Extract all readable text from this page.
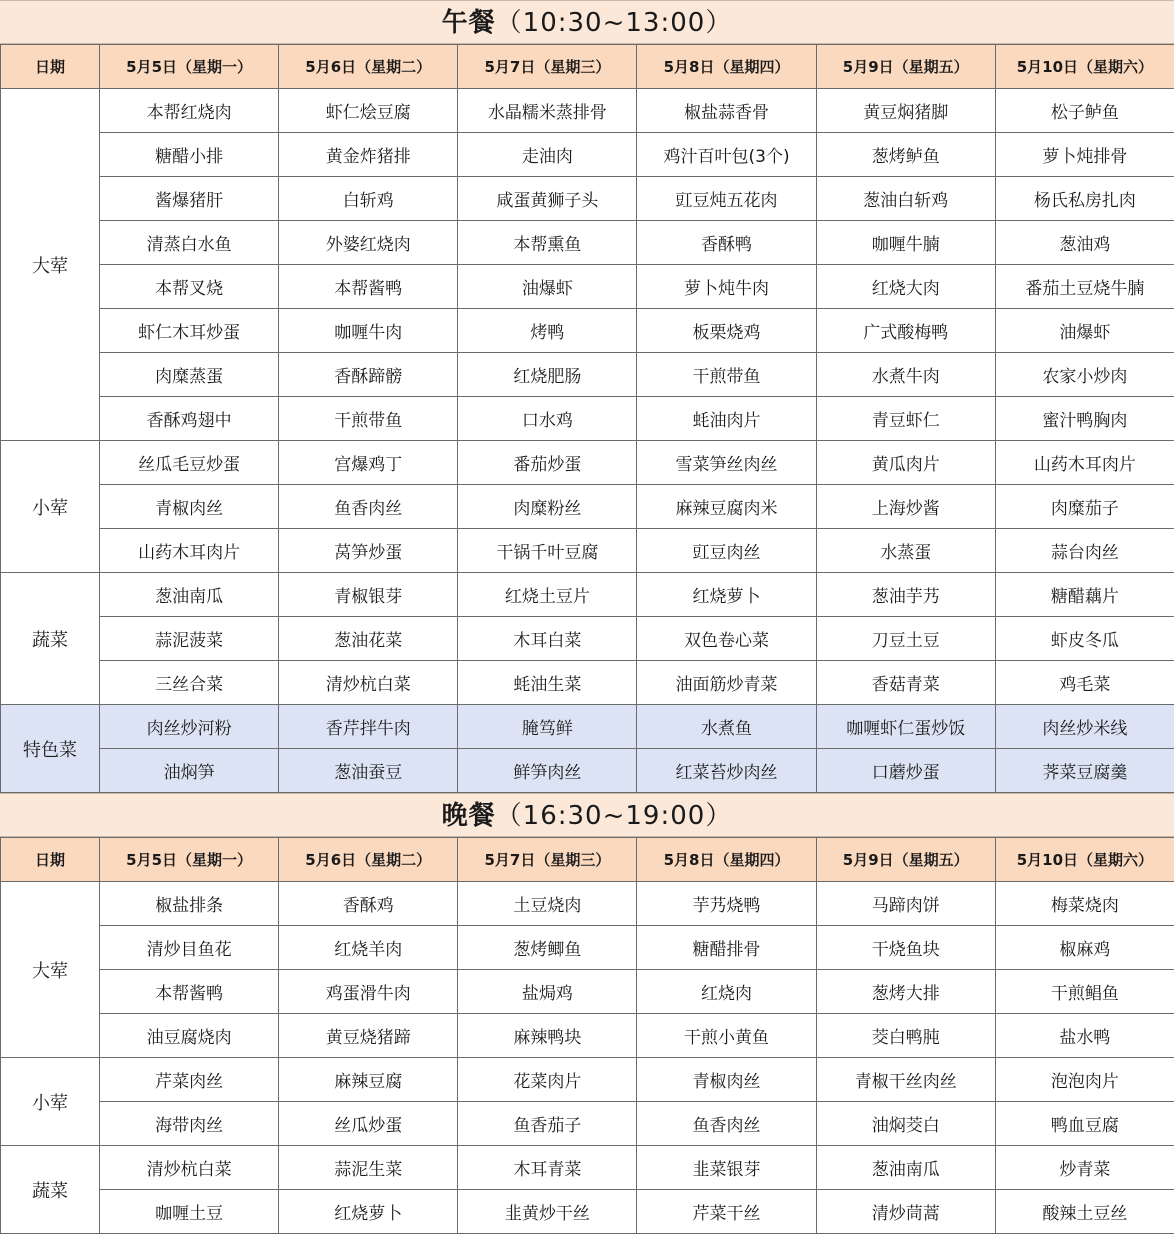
午餐（10:30~13:00）
日期	5月5日（星期一）	5月6日（星期二）	5月7日（星期三）	5月8日（星期四）	5月9日（星期五）	5月10日（星期六）
大荤	本帮红烧肉	虾仁烩豆腐	水晶糯米蒸排骨	椒盐蒜香骨	黄豆焖猪脚	松子鲈鱼
	糖醋小排	黄金炸猪排	走油肉	鸡汁百叶包(3个)	葱烤鲈鱼	萝卜炖排骨
	酱爆猪肝	白斩鸡	咸蛋黄狮子头	豇豆炖五花肉	葱油白斩鸡	杨氏私房扎肉
	清蒸白水鱼	外婆红烧肉	本帮熏鱼	香酥鸭	咖喱牛腩	葱油鸡
	本帮叉烧	本帮酱鸭	油爆虾	萝卜炖牛肉	红烧大肉	番茄土豆烧牛腩
	虾仁木耳炒蛋	咖喱牛肉	烤鸭	板栗烧鸡	广式酸梅鸭	油爆虾
	肉糜蒸蛋	香酥蹄髈	红烧肥肠	干煎带鱼	水煮牛肉	农家小炒肉
	香酥鸡翅中	干煎带鱼	口水鸡	蚝油肉片	青豆虾仁	蜜汁鸭胸肉
小荤	丝瓜毛豆炒蛋	宫爆鸡丁	番茄炒蛋	雪菜笋丝肉丝	黄瓜肉片	山药木耳肉片
	青椒肉丝	鱼香肉丝	肉糜粉丝	麻辣豆腐肉米	上海炒酱	肉糜茄子
	山药木耳肉片	莴笋炒蛋	干锅千叶豆腐	豇豆肉丝	水蒸蛋	蒜台肉丝
蔬菜	葱油南瓜	青椒银芽	红烧土豆片	红烧萝卜	葱油芋艿	糖醋藕片
	蒜泥菠菜	葱油花菜	木耳白菜	双色卷心菜	刀豆土豆	虾皮冬瓜
	三丝合菜	清炒杭白菜	蚝油生菜	油面筋炒青菜	香菇青菜	鸡毛菜
特色菜	肉丝炒河粉	香芹拌牛肉	腌笃鲜	水煮鱼	咖喱虾仁蛋炒饭	肉丝炒米线
	油焖笋	葱油蚕豆	鲜笋肉丝	红菜苔炒肉丝	口蘑炒蛋	荠菜豆腐羹
晚餐（16:30~19:00）
日期	5月5日（星期一）	5月6日（星期二）	5月7日（星期三）	5月8日（星期四）	5月9日（星期五）	5月10日（星期六）
大荤	椒盐排条	香酥鸡	土豆烧肉	芋艿烧鸭	马蹄肉饼	梅菜烧肉
	清炒目鱼花	红烧羊肉	葱烤鲫鱼	糖醋排骨	干烧鱼块	椒麻鸡
	本帮酱鸭	鸡蛋滑牛肉	盐焗鸡	红烧肉	葱烤大排	干煎鲳鱼
	油豆腐烧肉	黄豆烧猪蹄	麻辣鸭块	干煎小黄鱼	茭白鸭肫	盐水鸭
小荤	芹菜肉丝	麻辣豆腐	花菜肉片	青椒肉丝	青椒干丝肉丝	泡泡肉片
	海带肉丝	丝瓜炒蛋	鱼香茄子	鱼香肉丝	油焖茭白	鸭血豆腐
蔬菜	清炒杭白菜	蒜泥生菜	木耳青菜	韭菜银芽	葱油南瓜	炒青菜
	咖喱土豆	红烧萝卜	韭黄炒干丝	芹菜干丝	清炒茼蒿	酸辣土豆丝
